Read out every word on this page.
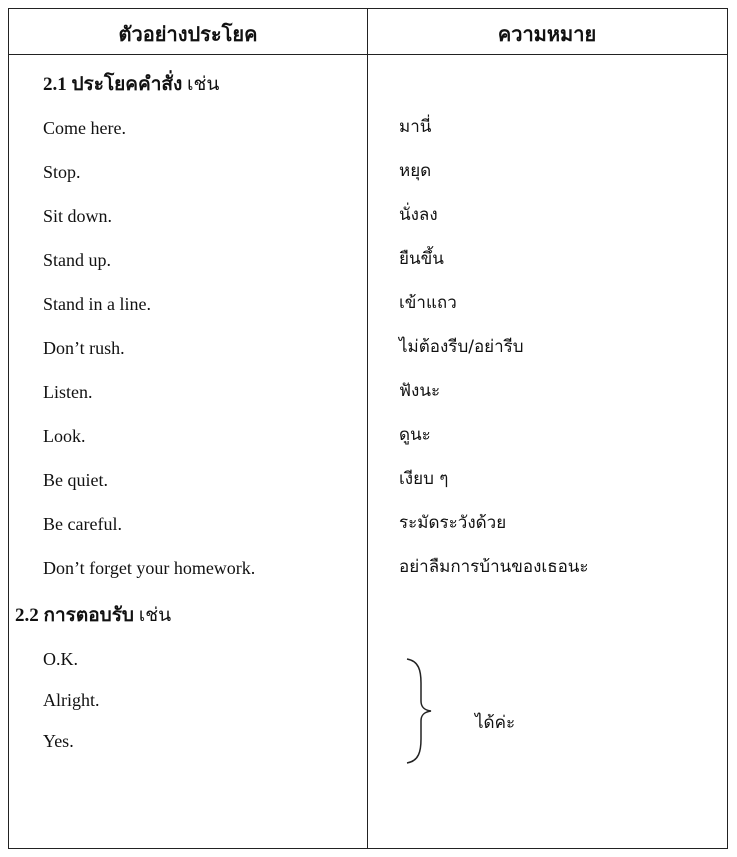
ตัวอย่างประโยค	ความหมาย
2.1 ประโยคคำสั่ง เช่น
Come here.	มานี่
Stop.	หยุด
Sit down.	นั่งลง
Stand up.	ยืนขึ้น
Stand in a line.	เข้าแถว
Don’t rush.	ไม่ต้องรีบ/อย่ารีบ
Listen.	ฟังนะ
Look.	ดูนะ
Be quiet.	เงียบ ๆ
Be careful.	ระมัดระวังด้วย
Don’t forget your homework.	อย่าลืมการบ้านของเธอนะ
2.2 การตอบรับ เช่น
O.K.
Alright.
Yes.
ได้ค่ะ
